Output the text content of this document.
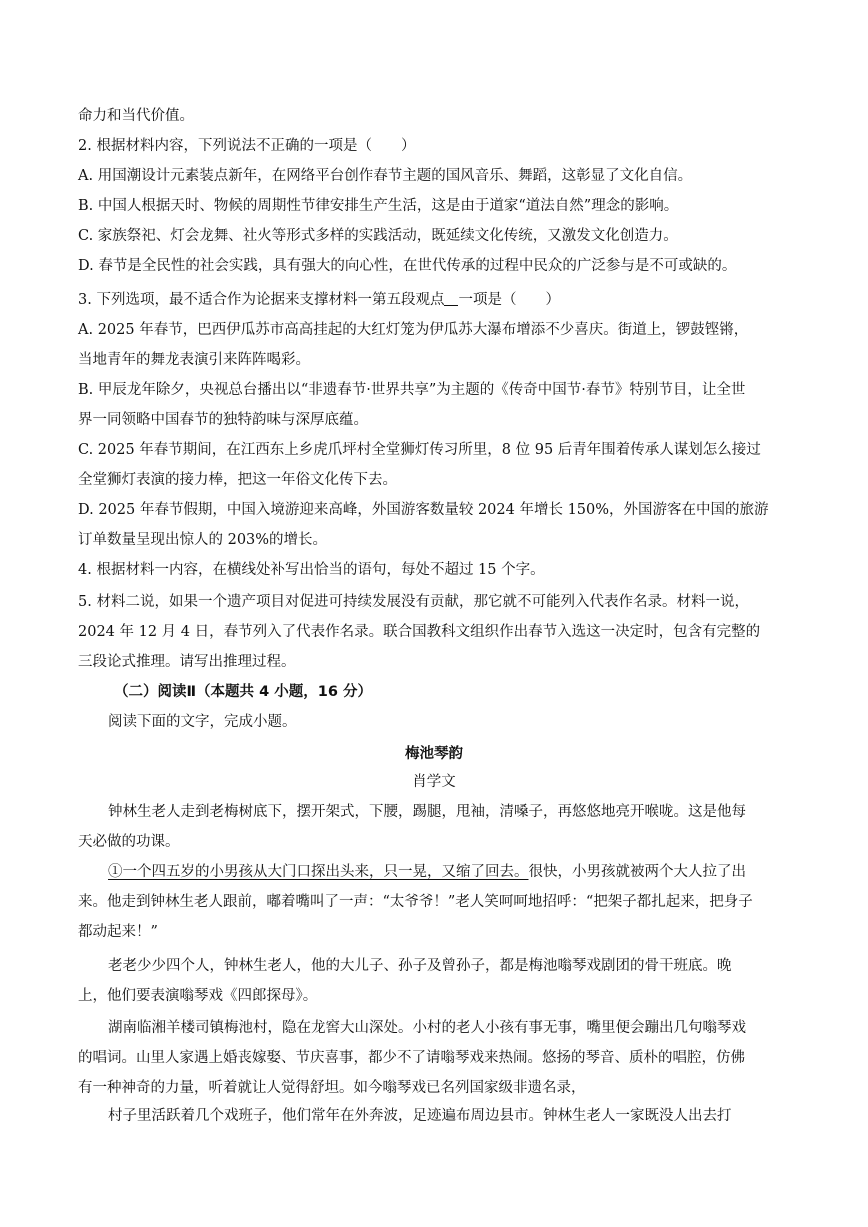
命力和当代价值。
2. 根据材料内容，下列说法不正确的一项是（　　）
A. 用国潮设计元素装点新年，在网络平台创作春节主题的国风音乐、舞蹈，这彰显了文化自信。
B. 中国人根据天时、物候的周期性节律安排生产生活，这是由于道家“道法自然”理念的影响。
C. 家族祭祀、灯会龙舞、社火等形式多样的实践活动，既延续文化传统，又激发文化创造力。
D. 春节是全民性的社会实践，具有强大的向心性，在世代传承的过程中民众的广泛参与是不可或缺的。
3. 下列选项，最不适合作为论据来支撑材料一第五段观点 一项是（　　）
A. 2025 年春节，巴西伊瓜苏市高高挂起的大红灯笼为伊瓜苏大瀑布增添不少喜庆。街道上，锣鼓铿锵，
当地青年的舞龙表演引来阵阵喝彩。
B. 甲辰龙年除夕，央视总台播出以“非遗春节·世界共享”为主题的《传奇中国节·春节》特别节目，让全世
界一同领略中国春节的独特韵味与深厚底蕴。
C. 2025 年春节期间，在江西东上乡虎爪坪村全堂狮灯传习所里，8 位 95 后青年围着传承人谋划怎么接过
全堂狮灯表演的接力棒，把这一年俗文化传下去。
D. 2025 年春节假期，中国入境游迎来高峰，外国游客数量较 2024 年增长 150%，外国游客在中国的旅游
订单数量呈现出惊人的 203%的增长。
4. 根据材料一内容，在横线处补写出恰当的语句，每处不超过 15 个字。
5. 材料二说，如果一个遗产项目对促进可持续发展没有贡献，那它就不可能列入代表作名录。材料一说，
2024 年 12 月 4 日，春节列入了代表作名录。联合国教科文组织作出春节入选这一决定时，包含有完整的
三段论式推理。请写出推理过程。
（二）阅读Ⅱ（本题共 4 小题，16 分）
阅读下面的文字，完成小题。
梅池琴韵
肖学文
钟林生老人走到老梅树底下，摆开架式，下腰，踢腿，甩袖，清嗓子，再悠悠地亮开喉咙。这是他每
天必做的功课。
①一个四五岁的小男孩从大门口探出头来，只一晃，又缩了回去。很快，小男孩就被两个大人拉了出
来。他走到钟林生老人跟前，嘟着嘴叫了一声：“太爷爷！”老人笑呵呵地招呼：“把架子都扎起来，把身子
都动起来！”
老老少少四个人，钟林生老人，他的大儿子、孙子及曾孙子，都是梅池嗡琴戏剧团的骨干班底。晚
上，他们要表演嗡琴戏《四郎探母》。
湖南临湘羊楼司镇梅池村，隐在龙窖大山深处。小村的老人小孩有事无事，嘴里便会蹦出几句嗡琴戏
的唱词。山里人家遇上婚丧嫁娶、节庆喜事，都少不了请嗡琴戏来热闹。悠扬的琴音、质朴的唱腔，仿佛
有一种神奇的力量，听着就让人觉得舒坦。如今嗡琴戏已名列国家级非遗名录，
村子里活跃着几个戏班子，他们常年在外奔波，足迹遍布周边县市。钟林生老人一家既没人出去打
